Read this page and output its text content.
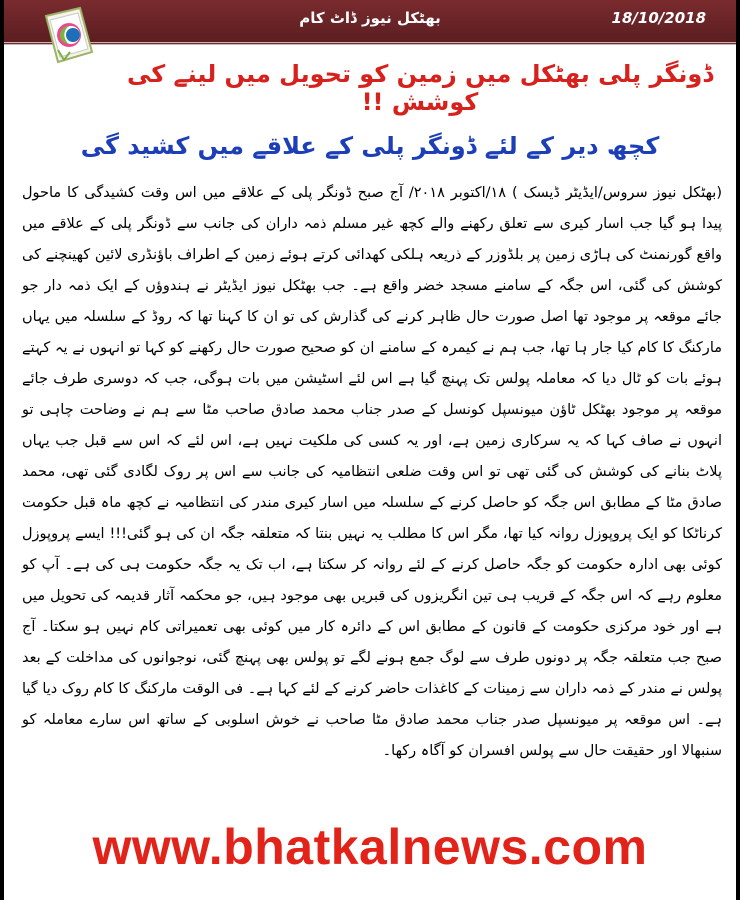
بھٹکل نیوز ڈاٹ کام	18/10/2018
ڈونگر پلی بھٹکل میں زمین کو تحویل میں لینے کی کوشش !!
کچھ دیر کے لئے ڈونگر پلی کے علاقے میں کشید گی

(بھٹکل نیوز سروس/ایڈیٹر ڈیسک ) ۱۸/اکتوبر ۲۰۱۸/ آج صبح ڈونگر پلی کے علاقے میں اس وقت کشیدگی کا ماحول پیدا ہو گیا جب اسار کیری سے تعلق رکھنے والے کچھ غیر مسلم ذمہ داران کی جانب سے ڈونگر پلی کے علاقے میں واقع گورنمنٹ کی ہاڑی زمین پر بلڈوزر کے ذریعہ ہلکی کھدائی کرتے ہوئے زمین کے اطراف باؤنڈری لائین کھینچنے کی کوشش کی گئی، اس جگہ کے سامنے مسجد خضر واقع ہے۔ جب بھٹکل نیوز ایڈیٹر نے ہندوؤں کے ایک ذمہ دار جو جائے موقعہ پر موجود تھا اصل صورت حال ظاہر کرنے کی گذارش کی تو ان کا کہنا تھا کہ روڈ کے سلسلہ میں یہاں مارکنگ کا کام کیا جار ہا تھا، جب ہم نے کیمرہ کے سامنے ان کو صحیح صورت حال رکھنے کو کہا تو انہوں نے یہ کہتے ہوئے بات کو ٹال دیا کہ معاملہ پولس تک پہنچ گیا ہے اس لئے اسٹیشن میں بات ہوگی، جب کہ دوسری طرف جائے موقعہ پر موجود بھٹکل ٹاؤن میونسپل کونسل کے صدر جناب محمد صادق صاحب مٹا سے ہم نے وضاحت چاہی تو انہوں نے صاف کہا کہ یہ سرکاری زمین ہے، اور یہ کسی کی ملکیت نہیں ہے، اس لئے کہ اس سے قبل جب یہاں پلاٹ بنانے کی کوشش کی گئی تھی تو اس وقت ضلعی انتظامیہ کی جانب سے اس پر روک لگادی گئی تھی، محمد صادق مٹا کے مطابق اس جگہ کو حاصل کرنے کے سلسلہ میں اسار کیری مندر کی انتظامیہ نے کچھ ماہ قبل حکومت کرناٹکا کو ایک پروپوزل روانہ کیا تھا، مگر اس کا مطلب یہ نہیں بنتا کہ متعلقہ جگہ ان کی ہو گئی!!! ایسے پروپوزل کوئی بھی ادارہ حکومت کو جگہ حاصل کرنے کے لئے روانہ کر سکتا ہے، اب تک یہ جگہ حکومت ہی کی ہے۔ آپ کو معلوم رہے کہ اس جگہ کے قریب ہی تین انگریزوں کی قبریں بھی موجود ہیں، جو محکمہ آثار قدیمہ کی تحویل میں ہے اور خود مرکزی حکومت کے قانون کے مطابق اس کے دائرہ کار میں کوئی بھی تعمیراتی کام نہیں ہو سکتا۔ آج صبح جب متعلقہ جگہ پر دونوں طرف سے لوگ جمع ہونے لگے تو پولس بھی پہنچ گئی، نوجوانوں کی مداخلت کے بعد پولس نے مندر کے ذمہ داران سے زمینات کے کاغذات حاضر کرنے کے لئے کہا ہے۔ فی الوقت مارکنگ کا کام روک دیا گیا ہے۔ اس موقعہ پر میونسپل صدر جناب محمد صادق مٹا صاحب نے خوش اسلوبی کے ساتھ اس سارے معاملہ کو سنبھالا اور حقیقت حال سے پولس افسران کو آگاہ رکھا۔

www.bhatkalnews.com
